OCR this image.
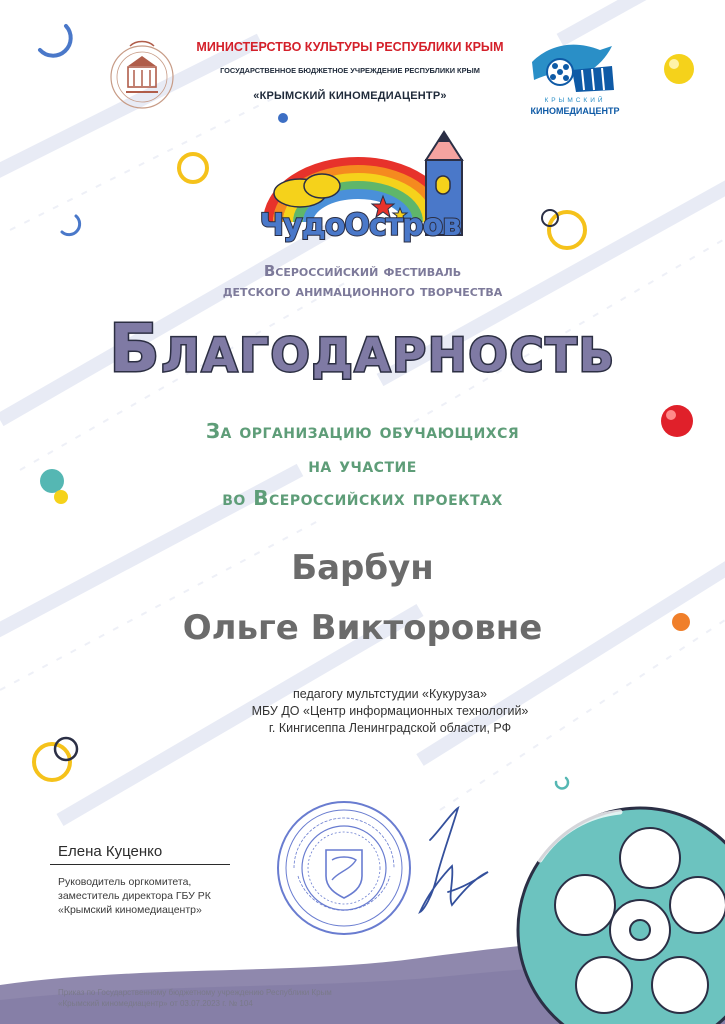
МИНИСТЕРСТВО КУЛЬТУРЫ РЕСПУБЛИКИ КРЫМ
ГОСУДАРСТВЕННОЕ БЮДЖЕТНОЕ УЧРЕЖДЕНИЕ РЕСПУБЛИКИ КРЫМ
«КРЫМСКИЙ КИНОМЕДИАЦЕНТР»	КРЫМСКИЙ
КИНОМЕДИАЦЕНТР
ЧудоОстров
Всероссийский фестиваль
детского анимационного творчества
Благодарность
За организацию обучающихся
на участие
во Всероссийских проектах
Барбун
Ольге Викторовне
педагогу мультстудии «Кукуруза»
МБУ ДО «Центр информационных технологий»
г. Кингисеппа Ленинградской области, РФ
Елена Куценко
Руководитель оргкомитета,
заместитель директора ГБУ РК
«Крымский киномедиацентр»
Приказ по Государственному бюджетному учреждению Республики Крым
«Крымский киномедиацентр» от 03.07.2023 г. № 104
